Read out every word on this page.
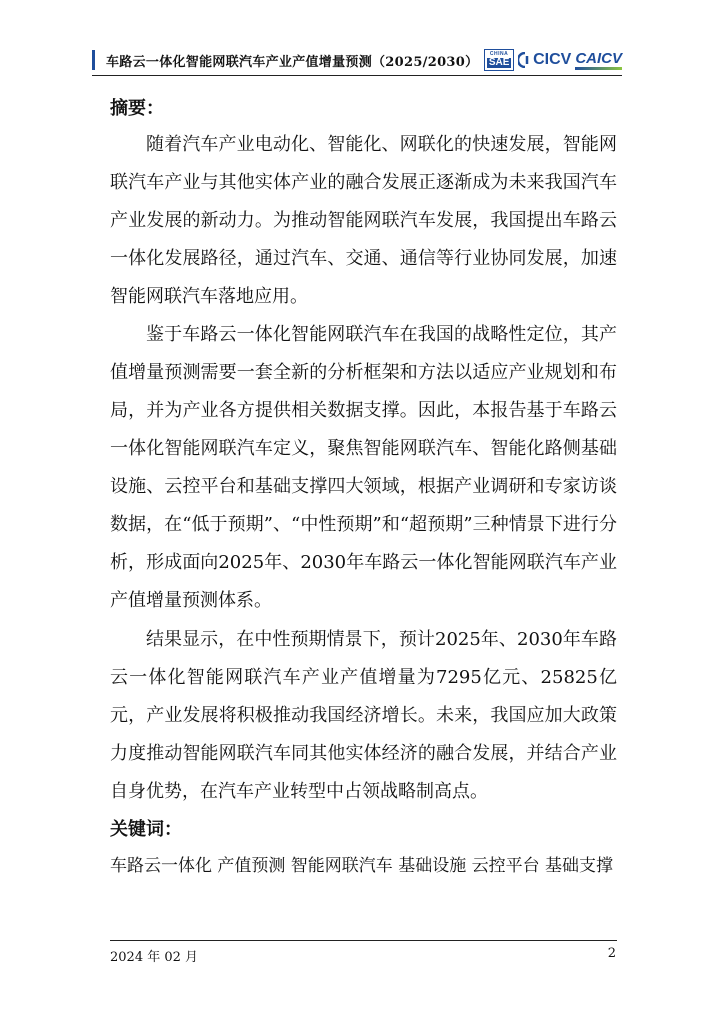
车路云一体化智能网联汽车产业产值增量预测（2025/2030）
CHINA
SAE CICV CAICV
摘要：

随着汽车产业电动化、智能化、网联化的快速发展，智能网联汽车产业与其他实体产业的融合发展正逐渐成为未来我国汽车产业发展的新动力。为推动智能网联汽车发展，我国提出车路云一体化发展路径，通过汽车、交通、通信等行业协同发展，加速智能网联汽车落地应用。

鉴于车路云一体化智能网联汽车在我国的战略性定位，其产值增量预测需要一套全新的分析框架和方法以适应产业规划和布局，并为产业各方提供相关数据支撑。因此，本报告基于车路云一体化智能网联汽车定义，聚焦智能网联汽车、智能化路侧基础设施、云控平台和基础支撑四大领域，根据产业调研和专家访谈数据，在“低于预期”、“中性预期”和“超预期”三种情景下进行分析，形成面向2025年、2030年车路云一体化智能网联汽车产业产值增量预测体系。

结果显示，在中性预期情景下，预计2025年、2030年车路云一体化智能网联汽车产业产值增量为7295亿元、25825亿元，产业发展将积极推动我国经济增长。未来，我国应加大政策力度推动智能网联汽车同其他实体经济的融合发展，并结合产业自身优势，在汽车产业转型中占领战略制高点。

关键词：
车路云一体化 产值预测 智能网联汽车 基础设施 云控平台 基础支撑
2024 年 02 月	2
